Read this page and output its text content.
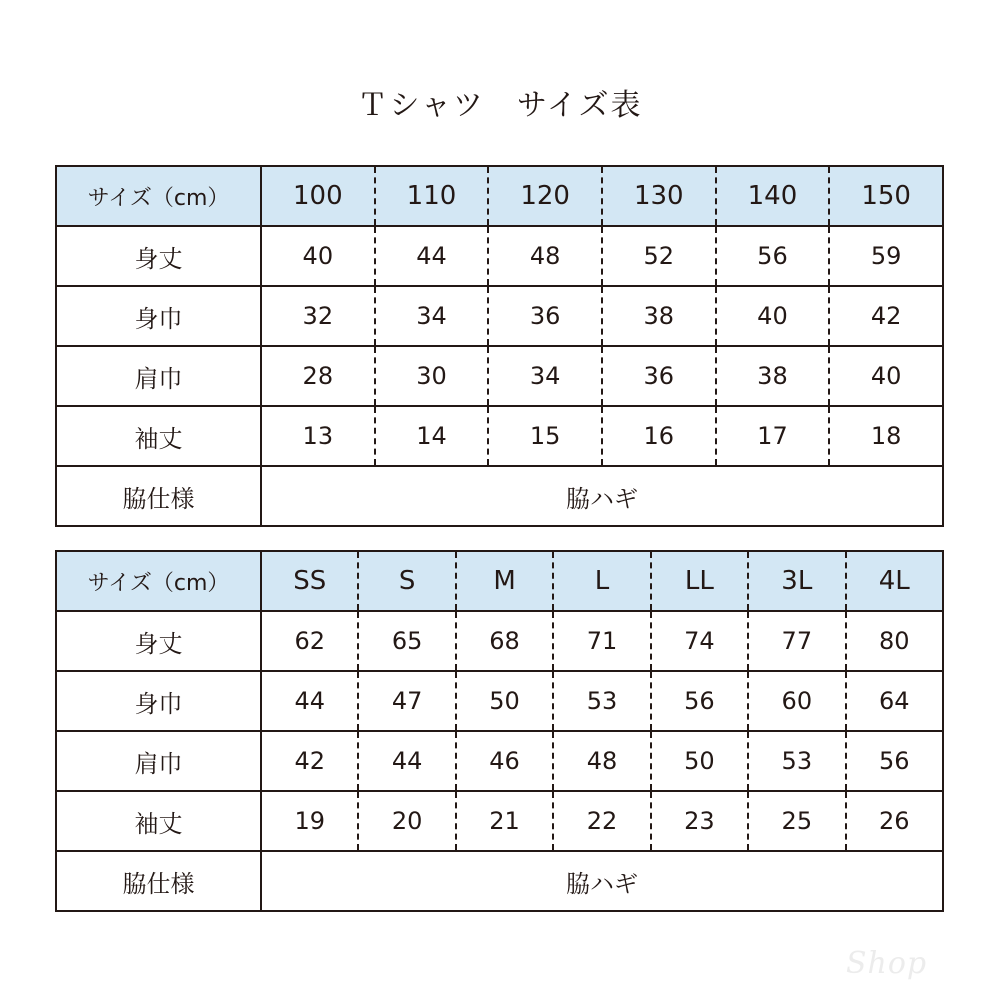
Ｔシャツ　サイズ表
サイズ（cm）	100	110	120	130	140	150
身丈	40	44	48	52	56	59
身巾	32	34	36	38	40	42
肩巾	28	30	34	36	38	40
袖丈	13	14	15	16	17	18
脇仕様	脇ハギ					
サイズ（cm）	SS	S	M	L	LL	3L	4L
身丈	62	65	68	71	74	77	80
身巾	44	47	50	53	56	60	64
肩巾	42	44	46	48	50	53	56
袖丈	19	20	21	22	23	25	26
脇仕様	脇ハギ						
Shop
